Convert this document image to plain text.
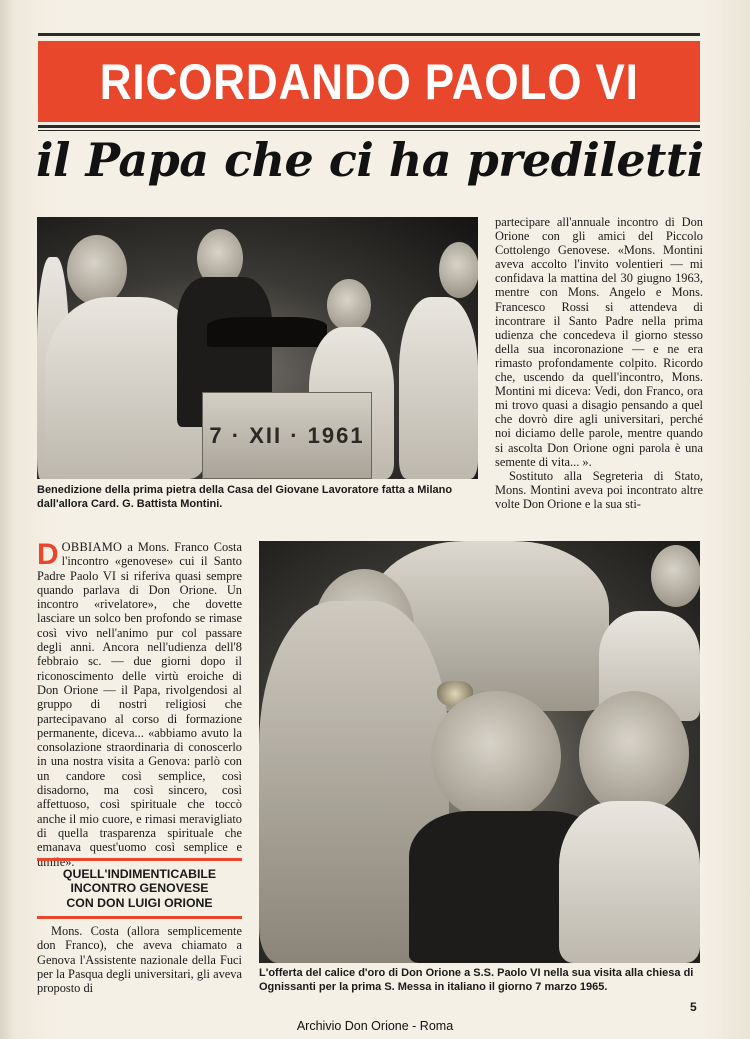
RICORDANDO PAOLO VI
il Papa che ci ha prediletti
7 · XII · 1961
Benedizione della prima pietra della Casa del Giovane Lavoratore fatta a Milano dall'allora Card. G. Battista Montini.

partecipare all'annuale incontro di Don Orione con gli amici del Piccolo Cottolengo Genovese. «Mons. Montini aveva accolto l'invito volentieri — mi confidava la mattina del 30 giugno 1963, mentre con Mons. Angelo e Mons. Francesco Rossi si attendeva di incontrare il Santo Padre nella prima udienza che concedeva il giorno stesso della sua incoronazione — e ne era rimasto profondamente colpito. Ricordo che, uscendo da quell'incontro, Mons. Montini mi diceva: Vedi, don Franco, ora mi trovo quasi a disagio pensando a quel che dovrò dire agli universitari, perché noi diciamo delle parole, mentre quando si ascolta Don Orione ogni parola è una semente di vita... ».

Sostituto alla Segreteria di Stato, Mons. Montini aveva poi incontrato altre volte Don Orione e la sua sti-

DOBBIAMO a Mons. Franco Costa l'incontro «genovese» cui il Santo Padre Paolo VI si riferiva quasi sempre quando parlava di Don Orione. Un incontro «rivelatore», che dovette lasciare un solco ben profondo se rimase così vivo nell'animo pur col passare degli anni. Ancora nell'udienza dell'8 febbraio sc. — due giorni dopo il riconoscimento delle virtù eroiche di Don Orione — il Papa, rivolgendosi al gruppo di nostri religiosi che partecipavano al corso di formazione permanente, diceva... «abbiamo avuto la consolazione straordinaria di conoscerlo in una nostra visita a Genova: parlò con un candore così semplice, così disadorno, ma così sincero, così affettuoso, così spirituale che toccò anche il mio cuore, e rimasi meravigliato di quella trasparenza spirituale che emanava quest'uomo così semplice e umile».
QUELL'INDIMENTICABILE
INCONTRO GENOVESE
CON DON LUIGI ORIONE
Mons. Costa (allora semplicemente don Franco), che aveva chiamato a Genova l'Assistente nazionale della Fuci per la Pasqua degli universitari, gli aveva proposto di
L'offerta del calice d'oro di Don Orione a S.S. Paolo VI nella sua visita alla chiesa di Ognissanti per la prima S. Messa in italiano il giorno 7 marzo 1965.
5
Archivio Don Orione - Roma
